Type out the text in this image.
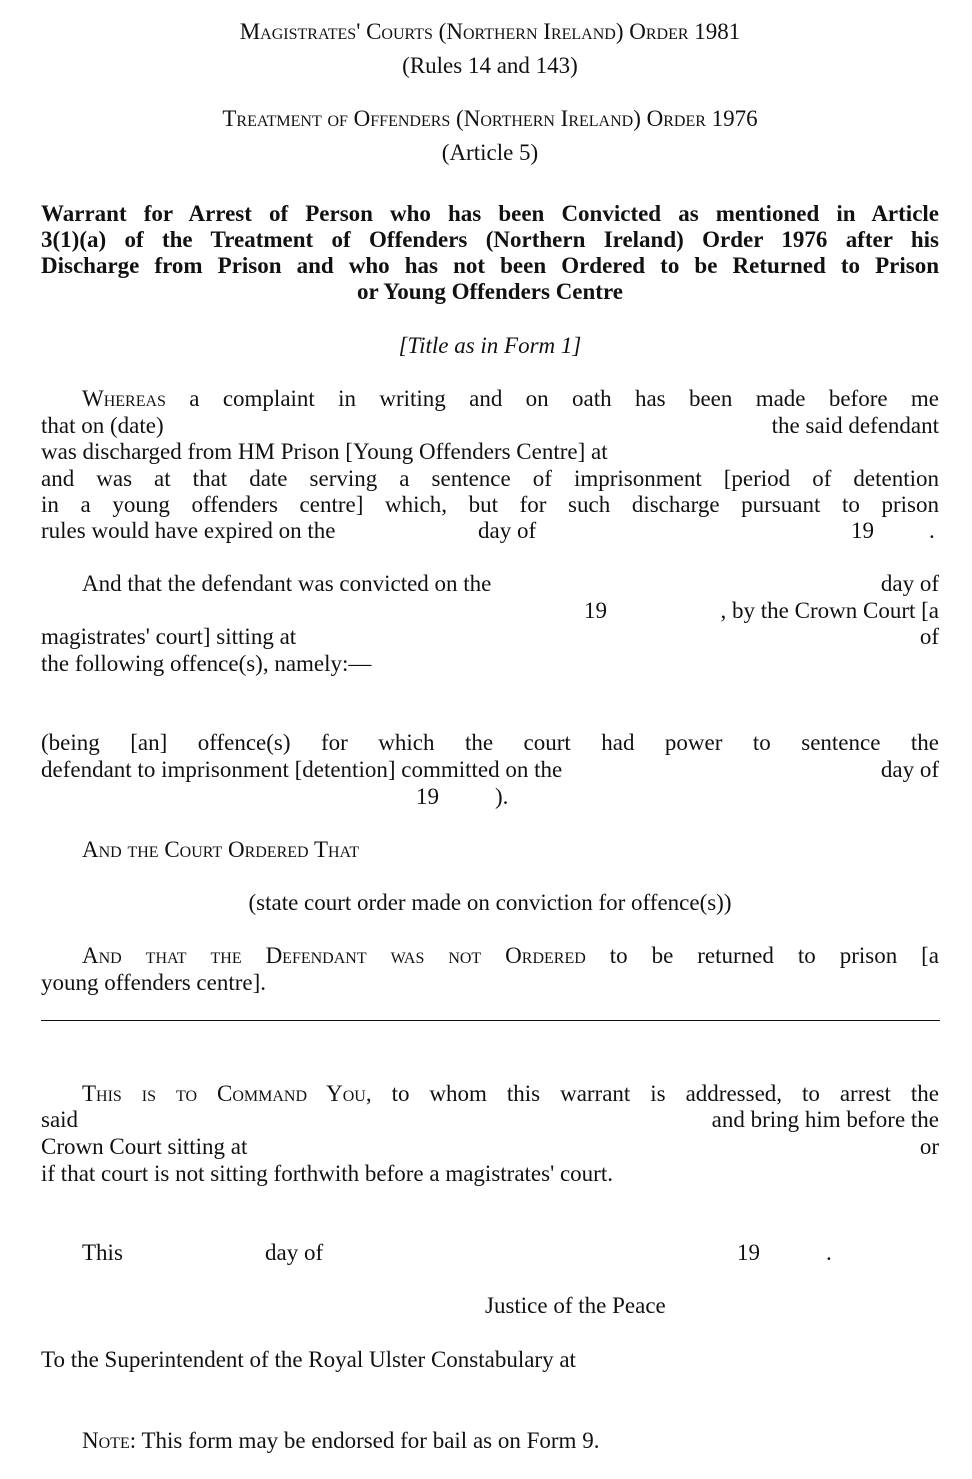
Magistrates' Courts (Northern Ireland) Order 1981
(Rules 14 and 143)
Treatment of Offenders (Northern Ireland) Order 1976
(Article 5)
Warrant for Arrest of Person who has been Convicted as mentioned in Article
3(1)(a) of the Treatment of Offenders (Northern Ireland) Order 1976 after his
Discharge from Prison and who has not been Ordered to be Returned to Prison
or Young Offenders Centre
[Title as in Form 1]
Whereas a complaint in writing and on oath has been made before me
that on (date)	the said defendant
was discharged from HM Prison [Young Offenders Centre] at
and was at that date serving a sentence of imprisonment [period of detention
in a young offenders centre] which, but for such discharge pursuant to prison
rules would have expired on the	day of	19 .
And that the defendant was convicted on the	day of
19	, by the Crown Court [a
magistrates' court] sitting at	of
the following offence(s), namely:—
(being [an] offence(s) for which the court had power to sentence the
defendant to imprisonment [detention] committed on the	day of
19 ).
And the Court Ordered That
(state court order made on conviction for offence(s))
And that the Defendant was not Ordered to be returned to prison [a
young offenders centre].
This is to Command You, to whom this warrant is addressed, to arrest the
said	and bring him before the
Crown Court sitting at	or
if that court is not sitting forthwith before a magistrates' court.
This	day of	19	.
Justice of the Peace
To the Superintendent of the Royal Ulster Constabulary at
Note: This form may be endorsed for bail as on Form 9.
